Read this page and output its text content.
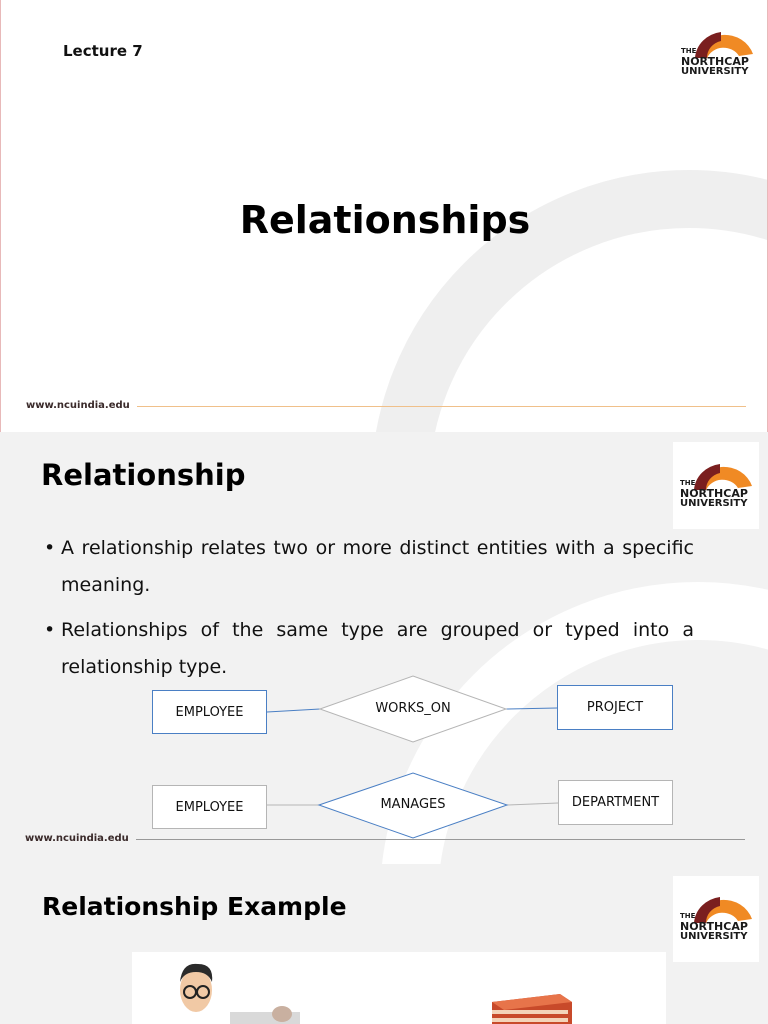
Lecture 7	THE
NORTHCAP
UNIVERSITY
Relationships
www.ncuindia.edu
Relationship	THE
NORTHCAP
UNIVERSITY
• A relationship relates two or more distinct entities with a specific meaning.
• Relationships of the same type are grouped or typed into a relationship type.
EMPLOYEE	WORKS_ON	PROJECT
EMPLOYEE	MANAGES	DEPARTMENT
www.ncuindia.edu
Relationship Example	THE
NORTHCAP
UNIVERSITY
